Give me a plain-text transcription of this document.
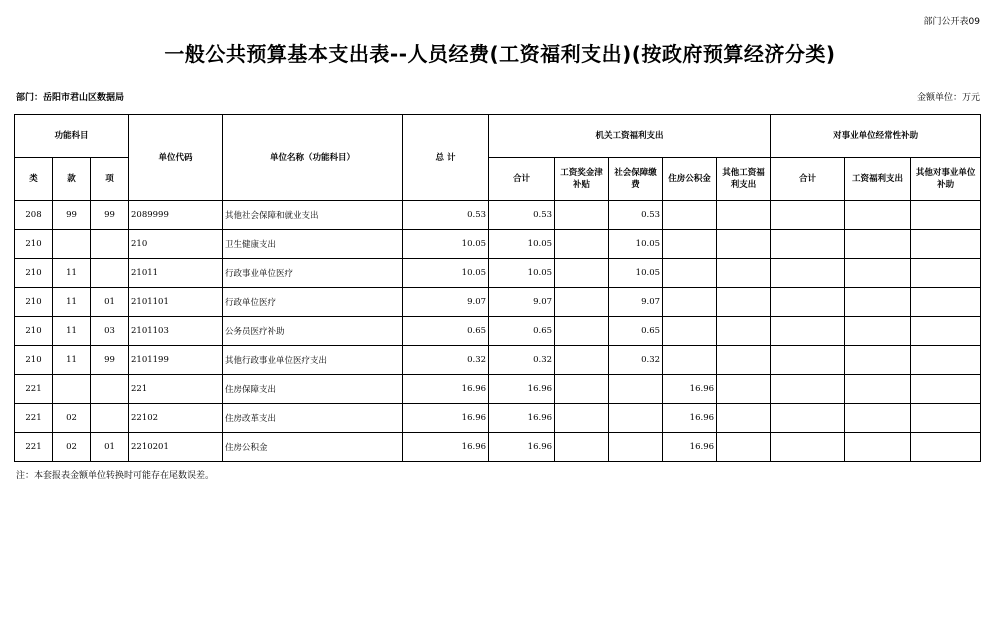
部门公开表09
一般公共预算基本支出表--人员经费(工资福利支出)(按政府预算经济分类)
部门：岳阳市君山区数据局	金额单位：万元
功能科目			单位代码	单位名称（功能科目）	总 计	机关工资福利支出					对事业单位经常性补助		
类	款	项				合计	工资奖金津补贴	社会保障缴费	住房公积金	其他工资福利支出	合计	工资福利支出	其他对事业单位补助
208	99	99	2089999	其他社会保障和就业支出	0.53	0.53		0.53					
210			210	卫生健康支出	10.05	10.05		10.05					
210	11		21011	行政事业单位医疗	10.05	10.05		10.05					
210	11	01	2101101	行政单位医疗	9.07	9.07		9.07					
210	11	03	2101103	公务员医疗补助	0.65	0.65		0.65					
210	11	99	2101199	其他行政事业单位医疗支出	0.32	0.32		0.32					
221			221	住房保障支出	16.96	16.96			16.96				
221	02		22102	住房改革支出	16.96	16.96			16.96				
221	02	01	2210201	住房公积金	16.96	16.96			16.96				
注：本套报表金额单位转换时可能存在尾数误差。
